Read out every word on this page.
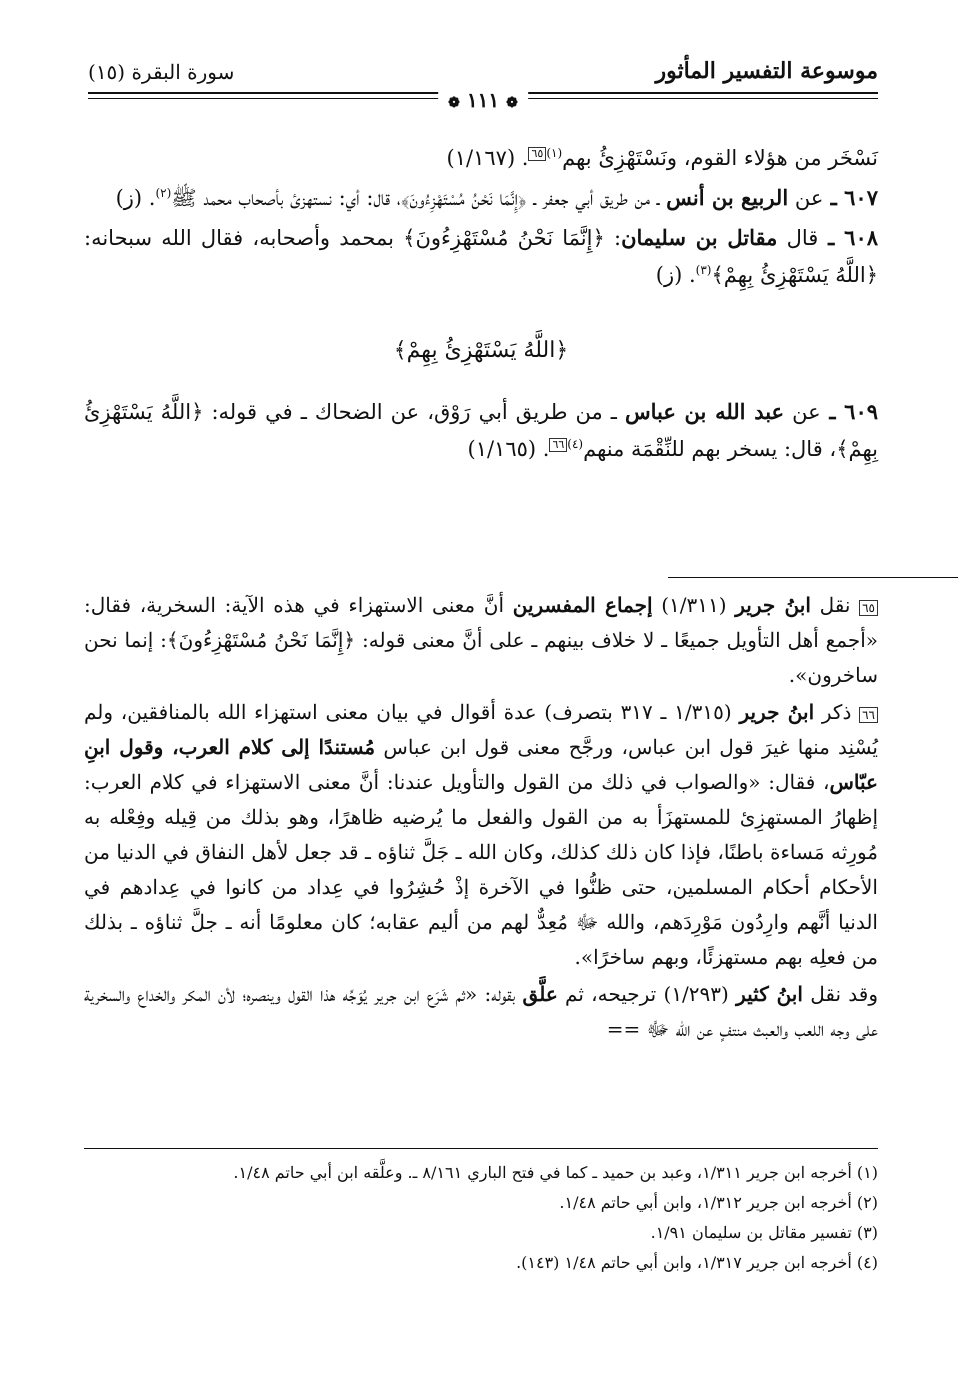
موسوعة التفسير المأثور
سورة البقرة (١٥)
❁ ١١١ ❁

نَسْخَر من هؤلاء القوم، ونَسْتَهْزِئُ بهم$^{(١)}$٦٥. (١/١٦٧)

٦٠٧ ـ عن الربيع بن أنس ـ من طريق أبي جعفر ـ ﴿إِنَّمَا نَحْنُ مُسْتَهْزِءُونَ﴾، قال: أي: نستهزئ بأصحاب محمد ﷺ$^{(٢)}$. (ز)

٦٠٨ ـ قال مقاتل بن سليمان: ﴿إِنَّمَا نَحْنُ مُسْتَهْزِءُونَ﴾ بمحمد وأصحابه، فقال الله سبحانه: ﴿اللَّهُ يَسْتَهْزِئُ بِهِمْ﴾$^{(٣)}$. (ز)

﴿اللَّهُ يَسْتَهْزِئُ بِهِمْ﴾

٦٠٩ ـ عن عبد الله بن عباس ـ من طريق أبي رَوْق، عن الضحاك ـ في قوله: ﴿اللَّهُ يَسْتَهْزِئُ بِهِمْ﴾، قال: يسخر بهم للنِّقْمَة منهم$^{(٤)}$٦٦. (١/١٦٥)

٦٥ نقل ابنُ جرير (١/٣١١) إجماع المفسرين أنَّ معنى الاستهزاء في هذه الآية: السخرية، فقال: «أجمع أهل التأويل جميعًا ـ لا خلاف بينهم ـ على أنَّ معنى قوله: ﴿إِنَّمَا نَحْنُ مُسْتَهْزِءُونَ﴾: إنما نحن ساخرون».

٦٦ ذكر ابنُ جرير (١/٣١٥ ـ ٣١٧ بتصرف) عدة أقوال في بيان معنى استهزاء الله بالمنافقين، ولم يُسْنِد منها غيرَ قول ابن عباس، ورجَّح معنى قول ابن عباس مُستندًا إلى كلام العرب، وقول ابنِ عبّاس، فقال: «والصواب في ذلك من القول والتأويل عندنا: أنَّ معنى الاستهزاء في كلام العرب: إظهارُ المستهزِئ للمستهزَأ به من القول والفعل ما يُرضيه ظاهرًا، وهو بذلك من قِيله وفِعْله به مُورِثه مَساءة باطنًا، فإذا كان ذلك كذلك، وكان الله ـ جَلَّ ثناؤه ـ قد جعل لأهل النفاق في الدنيا من الأحكام أحكام المسلمين، حتى ظنُّوا في الآخرة إذْ حُشِرُوا في عِداد من كانوا في عِدادهم في الدنيا أنَّهم وارِدُون مَوْرِدَهم، والله ﷻ مُعِدٌّ لهم من أليم عقابه؛ كان معلومًا أنه ـ جلَّ ثناؤه ـ بذلك من فعلِه بهم مستهزئًا، وبهم ساخرًا».

وقد نقل ابنُ كثير (١/٢٩٣) ترجيحه، ثم علَّق بقوله: «ثم شَرَع ابن جرير يُوَجِّه هذا القول وينصره؛ لأن المكر والخداع والسخرية على وجه اللعب والعبث منتفٍ عن الله ﷻ ==

(١) أخرجه ابن جرير ١/٣١١، وعبد بن حميد ـ كما في فتح الباري ٨/١٦١ ـ. وعلَّقه ابن أبي حاتم ١/٤٨.

(٢) أخرجه ابن جرير ١/٣١٢، وابن أبي حاتم ١/٤٨.

(٣) تفسير مقاتل بن سليمان ١/٩١.

(٤) أخرجه ابن جرير ١/٣١٧، وابن أبي حاتم ١/٤٨ (١٤٣).
